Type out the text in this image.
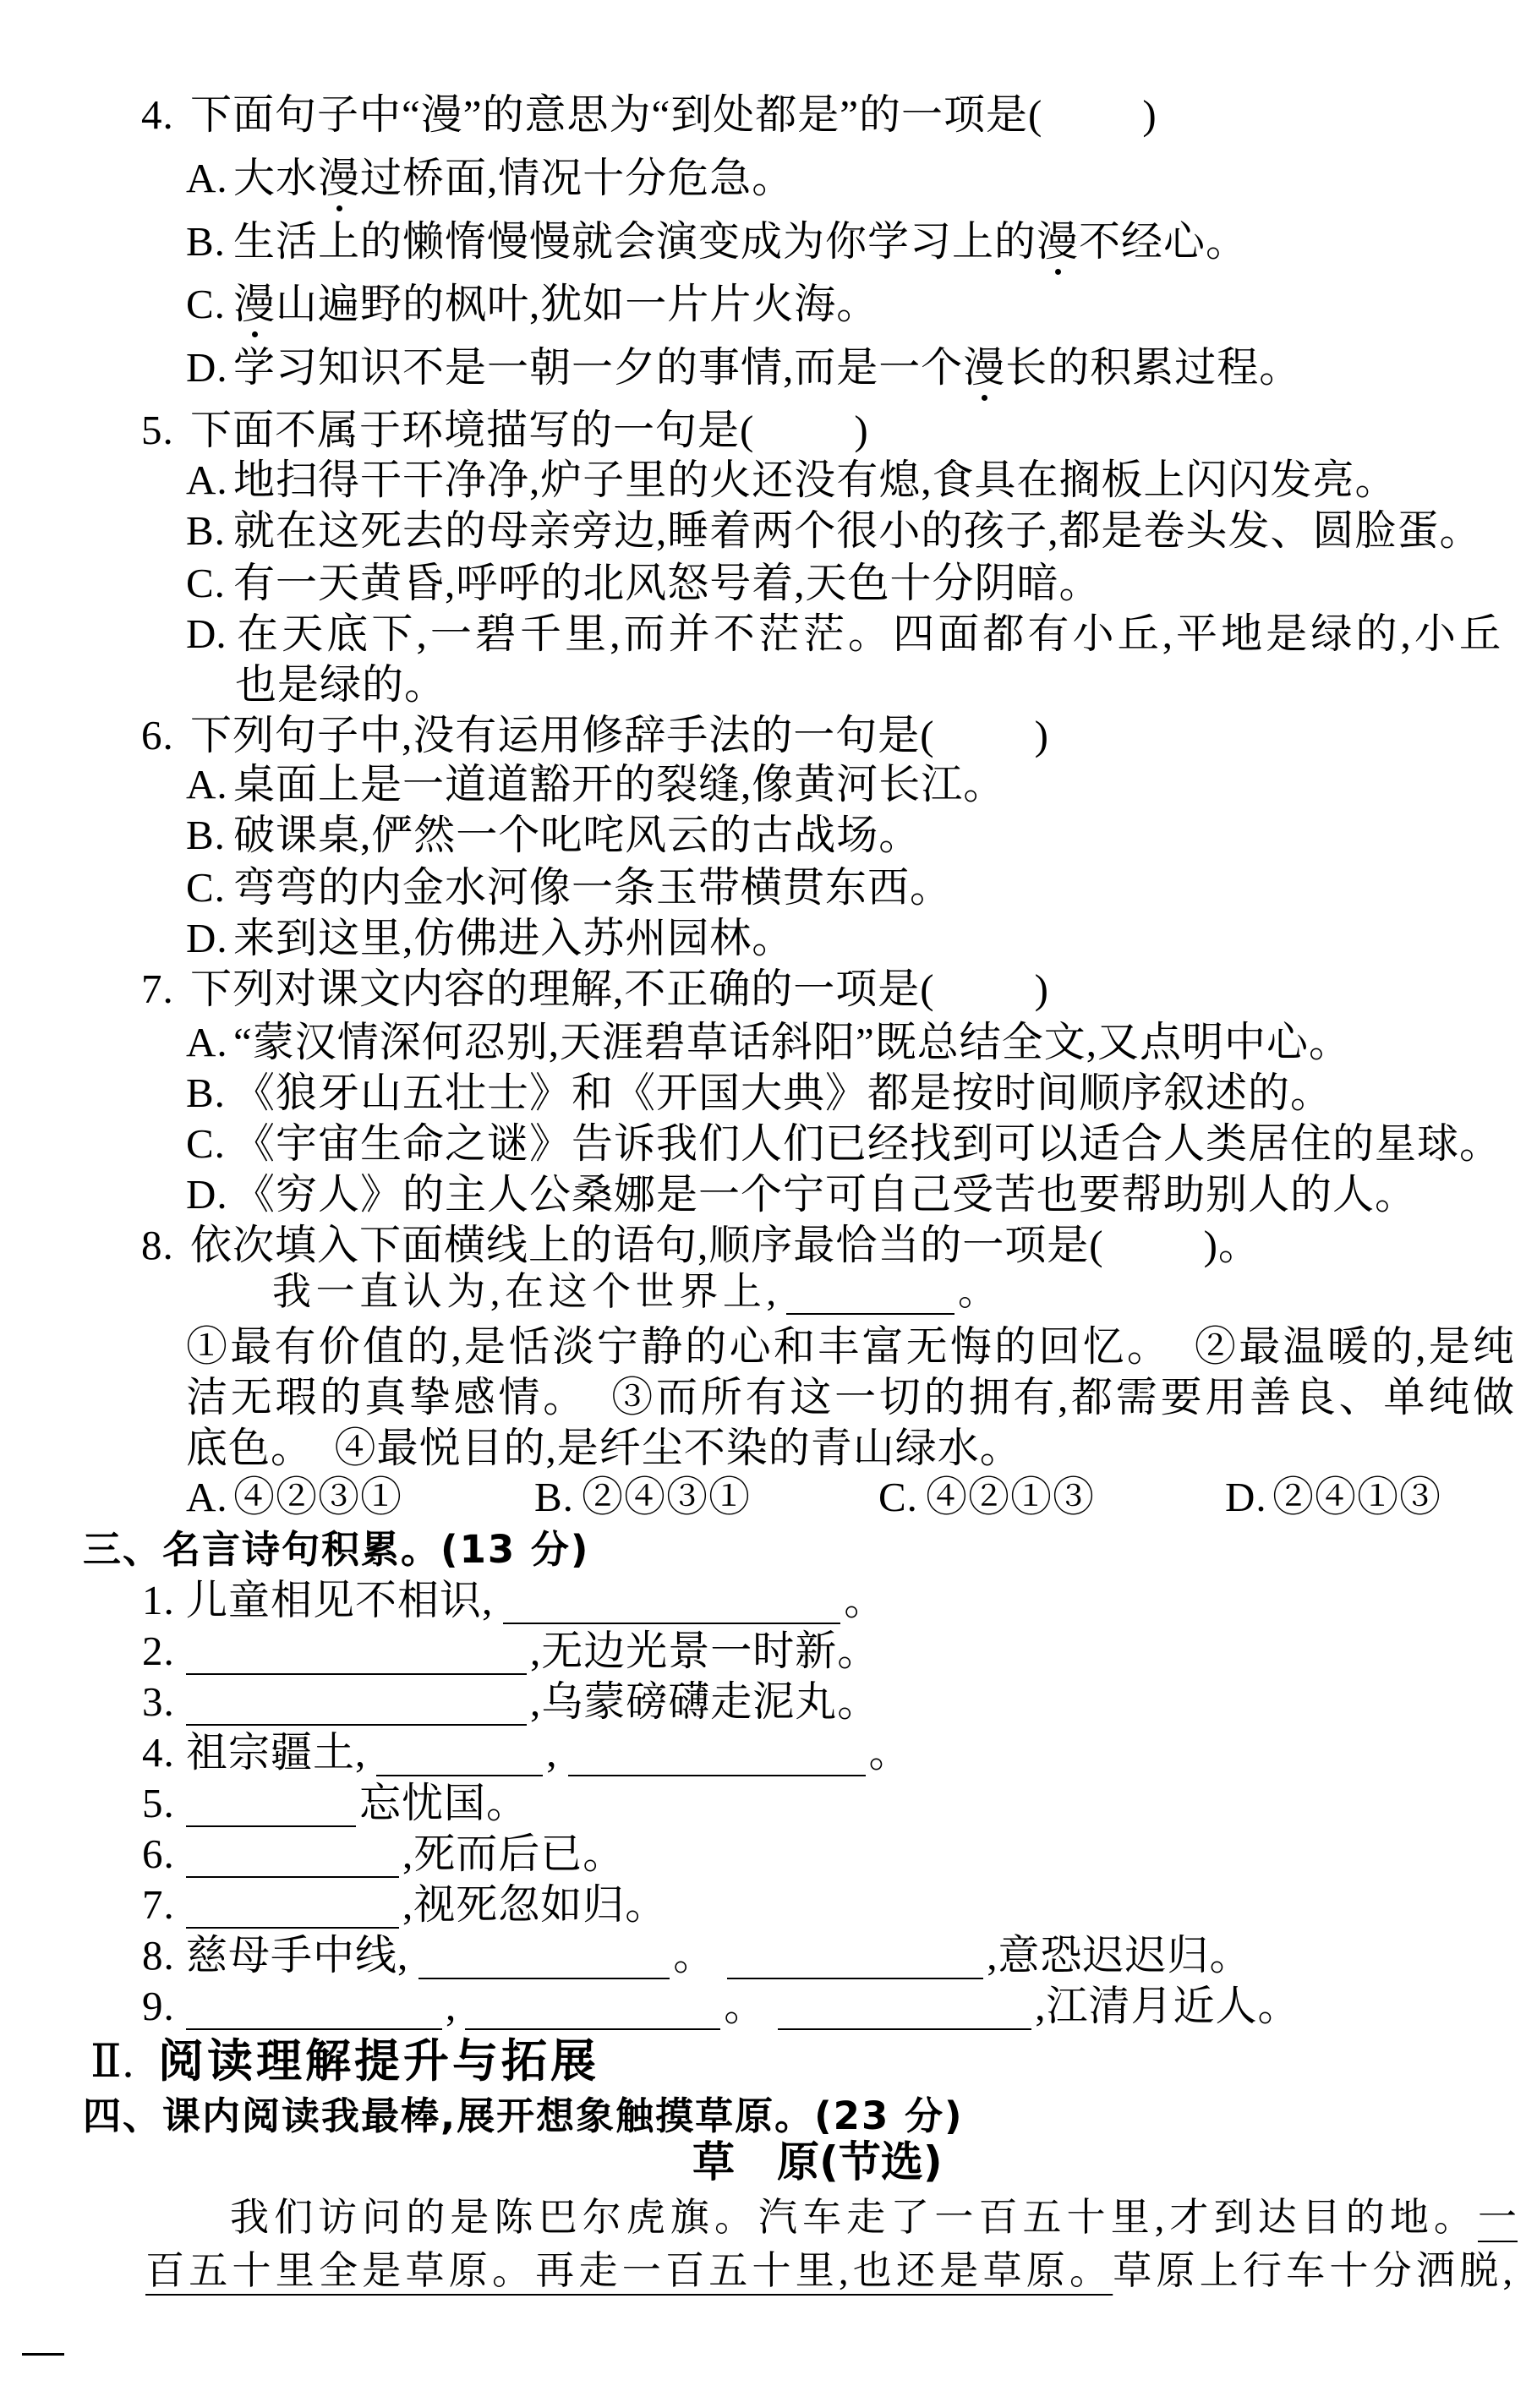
4. 下面句子中“漫”的意思为“到处都是”的一项是( )
A. 大水漫
过桥面,情况十分危急。
B. 生活上的懒惰慢慢就会演变成为你学习上的漫
不经心。
C. 漫
山遍野的枫叶,犹如一片片火海。
D. 学习知识不是一朝一夕的事情,而是一个漫
长的积累过程。
5. 下面不属于环境描写的一句是( )
A. 地扫得干干净净,炉子里的火还没有熄,食具在搁板上闪闪发亮。
B. 就在这死去的母亲旁边,睡着两个很小的孩子,都是卷头发、圆脸蛋。
C. 有一天黄昏,呼呼的北风怒号着,天色十分阴暗。
D. 在天底下,一碧千里,而并不茫茫。四面都有小丘,平地是绿的,小丘
也是绿的。
6. 下列句子中,没有运用修辞手法的一句是( )
A. 桌面上是一道道豁开的裂缝,像黄河长江。
B. 破课桌,俨然一个叱咤风云的古战场。
C. 弯弯的内金水河像一条玉带横贯东西。
D. 来到这里,仿佛进入苏州园林。
7. 下列对课文内容的理解,不正确的一项是( )
A. “蒙汉情深何忍别,天涯碧草话斜阳”既总结全文,又点明中心。
B. 《狼牙山五壮士》和《开国大典》都是按时间顺序叙述的。
C. 《宇宙生命之谜》告诉我们人们已经找到可以适合人类居住的星球。
D. 《穷人》的主人公桑娜是一个宁可自己受苦也要帮助别人的人。
8. 依次填入下面横线上的语句,顺序最恰当的一项是( )。
我一直认为,在这个世界上,	。
①最有价值的,是恬淡宁静的心和丰富无悔的回忆。　②最温暖的,是纯
洁无瑕的真挚感情。　③而所有这一切的拥有,都需要用善良、单纯做
底色。　④最悦目的,是纤尘不染的青山绿水。
A. ④②③①	B. ②④③①	C. ④②①③	D. ②④①③
三、名言诗句积累。(13 分)
1. 儿童相见不相识,	。
2.	,无边光景一时新。
3.	,乌蒙磅礴走泥丸。
4. 祖宗疆土,	,	。
5.	忘忧国。
6.	,死而后已。
7.	,视死忽如归。
8. 慈母手中线,	。	,意恐迟迟归。
9.	,	。	,江清月近人。
Ⅱ. 阅读理解提升与拓展
四、课内阅读我最棒,展开想象触摸草原。(23 分)
草　原(节选)
我们访问的是陈巴尔虎旗。汽车走了一百五十里,才到达目的地。一
百五十里全是草原。再走一百五十里,也还是草原。草原上行车十分洒脱,
